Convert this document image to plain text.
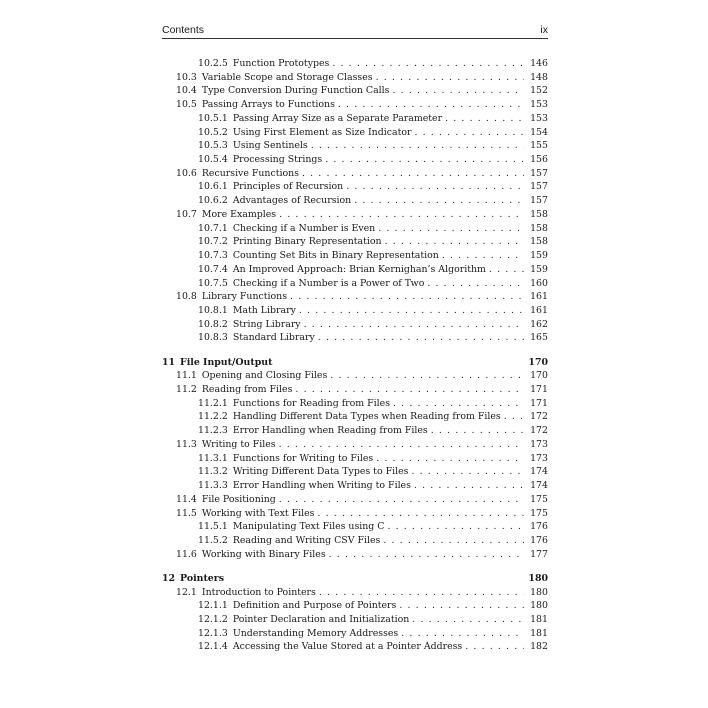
Contents	ix
10.2.5 Function Prototypes . . .	146
10.3 Variable Scope and Storage Classes . . .	148
10.4 Type Conversion During Function Calls . . .	152
10.5 Passing Arrays to Functions . . .	153
10.5.1 Passing Array Size as a Separate Parameter . . .	153
10.5.2 Using First Element as Size Indicator . . .	154
10.5.3 Using Sentinels . . .	155
10.5.4 Processing Strings . . .	156
10.6 Recursive Functions . . .	157
10.6.1 Principles of Recursion . . .	157
10.6.2 Advantages of Recursion . . .	157
10.7 More Examples . . .	158
10.7.1 Checking if a Number is Even . . .	158
10.7.2 Printing Binary Representation . . .	158
10.7.3 Counting Set Bits in Binary Representation . . .	159
10.7.4 An Improved Approach: Brian Kernighan’s Algorithm . . .	159
10.7.5 Checking if a Number is a Power of Two . . .	160
10.8 Library Functions . . .	161
10.8.1 Math Library . . .	161
10.8.2 String Library . . .	162
10.8.3 Standard Library . . .	165
11 File Input/Output	170
11.1 Opening and Closing Files . . .	170
11.2 Reading from Files . . .	171
11.2.1 Functions for Reading from Files . . .	171
11.2.2 Handling Different Data Types when Reading from Files . . .	172
11.2.3 Error Handling when Reading from Files . . .	172
11.3 Writing to Files . . .	173
11.3.1 Functions for Writing to Files . . .	173
11.3.2 Writing Different Data Types to Files . . .	174
11.3.3 Error Handling when Writing to Files . . .	174
11.4 File Positioning . . .	175
11.5 Working with Text Files . . .	175
11.5.1 Manipulating Text Files using C . . .	176
11.5.2 Reading and Writing CSV Files . . .	176
11.6 Working with Binary Files . . .	177
12 Pointers	180
12.1 Introduction to Pointers . . .	180
12.1.1 Definition and Purpose of Pointers . . .	180
12.1.2 Pointer Declaration and Initialization . . .	181
12.1.3 Understanding Memory Addresses . . .	181
12.1.4 Accessing the Value Stored at a Pointer Address . . .	182
